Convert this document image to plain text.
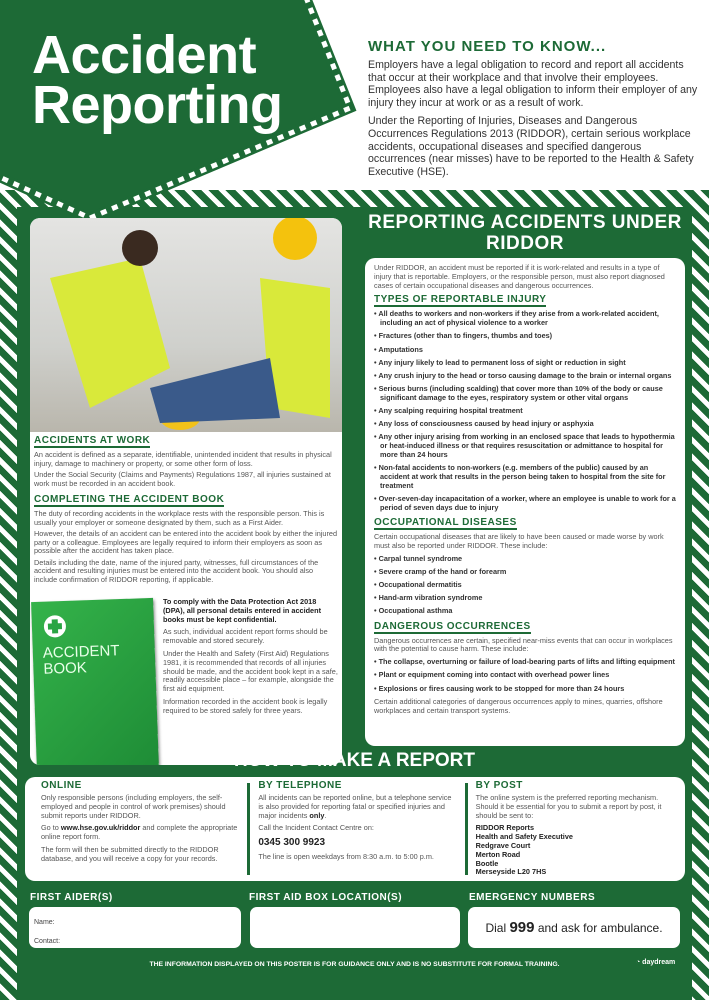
Accident
Reporting
WHAT YOU NEED TO KNOW...

Employers have a legal obligation to record and report all accidents that occur at their workplace and that involve their employees. Employees also have a legal obligation to inform their employer of any injury they incur at work or as a result of work.

Under the Reporting of Injuries, Diseases and Dangerous Occurrences Regulations 2013 (RIDDOR), certain serious workplace accidents, occupational diseases and specified dangerous occurrences (near misses) have to be reported to the Health & Safety Executive (HSE).

ACCIDENTS AT WORK

An accident is defined as a separate, identifiable, unintended incident that results in physical injury, damage to machinery or property, or some other form of loss.

Under the Social Security (Claims and Payments) Regulations 1987, all injuries sustained at work must be recorded in an accident book.

COMPLETING THE ACCIDENT BOOK

The duty of recording accidents in the workplace rests with the responsible person. This is usually your employer or someone designated by them, such as a First Aider.

However, the details of an accident can be entered into the accident book by either the injured party or a colleague. Employees are legally required to inform their employers as soon as possible after the accident has taken place.

Details including the date, name of the injured party, witnesses, full circumstances of the accident and resulting injuries must be entered into the accident book. You should also include confirmation of RIDDOR reporting, if applicable.

ACCIDENT BOOK

To comply with the Data Protection Act 2018 (DPA), all personal details entered in accident books must be kept confidential.

As such, individual accident report forms should be removable and stored securely.

Under the Health and Safety (First Aid) Regulations 1981, it is recommended that records of all injuries should be made, and the accident book kept in a safe, readily accessible place – for example, alongside the first aid equipment.

Information recorded in the accident book is legally required to be stored safely for three years.

REPORTING ACCIDENTS UNDER RIDDOR

Under RIDDOR, an accident must be reported if it is work-related and results in a type of injury that is reportable. Employers, or the responsible person, must also report diagnosed cases of certain occupational diseases and dangerous occurrences.

TYPES OF REPORTABLE INJURY
• All deaths to workers and non-workers if they arise from a work-related accident, including an act of physical violence to a worker
• Fractures (other than to fingers, thumbs and toes)
• Amputations
• Any injury likely to lead to permanent loss of sight or reduction in sight
• Any crush injury to the head or torso causing damage to the brain or internal organs
• Serious burns (including scalding) that cover more than 10% of the body or cause significant damage to the eyes, respiratory system or other vital organs
• Any scalping requiring hospital treatment
• Any loss of consciousness caused by head injury or asphyxia
• Any other injury arising from working in an enclosed space that leads to hypothermia or heat-induced illness or that requires resuscitation or admittance to hospital for more than 24 hours
• Non-fatal accidents to non-workers (e.g. members of the public) caused by an accident at work that results in the person being taken to hospital from the site for treatment
• Over-seven-day incapacitation of a worker, where an employee is unable to work for a period of seven days due to injury
OCCUPATIONAL DISEASES

Certain occupational diseases that are likely to have been caused or made worse by work must also be reported under RIDDOR. These include:

• Carpal tunnel syndrome
• Severe cramp of the hand or forearm
• Occupational dermatitis
• Hand-arm vibration syndrome
• Occupational asthma
DANGEROUS OCCURRENCES

Dangerous occurrences are certain, specified near-miss events that can occur in workplaces with the potential to cause harm. These include:

• The collapse, overturning or failure of load-bearing parts of lifts and lifting equipment
• Plant or equipment coming into contact with overhead power lines
• Explosions or fires causing work to be stopped for more than 24 hours

Certain additional categories of dangerous occurrences apply to mines, quarries, offshore workplaces and certain transport systems.

HOW TO MAKE A REPORT
ONLINE

Only responsible persons (including employers, the self-employed and people in control of work premises) should submit reports under RIDDOR.

Go to www.hse.gov.uk/riddor and complete the appropriate online report form.

The form will then be submitted directly to the RIDDOR database, and you will receive a copy for your records.

BY TELEPHONE

All incidents can be reported online, but a telephone service is also provided for reporting fatal or specified injuries and major incidents only.

Call the Incident Contact Centre on:

0345 300 9923

The line is open weekdays from 8:30 a.m. to 5:00 p.m.

BY POST

The online system is the preferred reporting mechanism. Should it be essential for you to submit a report by post, it should be sent to:

RIDDOR Reports
Health and Safety Executive
Redgrave Court
Merton Road
Bootle
Merseyside L20 7HS
FIRST AIDER(S)	FIRST AID BOX LOCATION(S)	EMERGENCY NUMBERS
Name:
Contact:
Dial 999 and ask for ambulance.
THE INFORMATION DISPLAYED ON THIS POSTER IS FOR GUIDANCE ONLY AND IS NO SUBSTITUTE FOR FORMAL TRAINING.	◔ daydream
